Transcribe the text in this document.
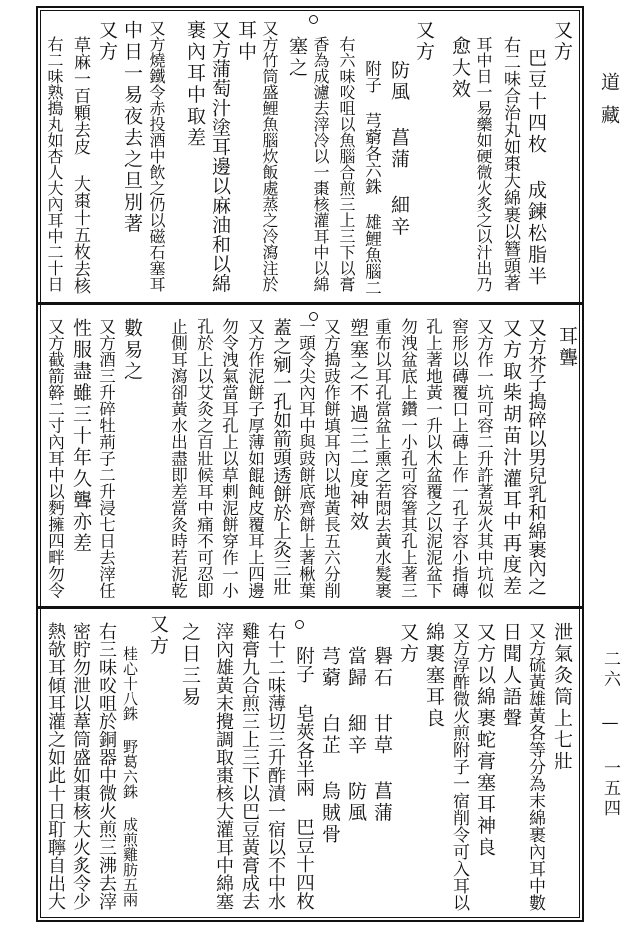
道藏
二六 — 一五四
又方
巴豆十四枚 成鍊松脂半
右二味合治丸如棗大綿裹以簪頭著
耳中日一易藥如硬微火炙之以汁出乃
愈大效
又方
防風 菖蒲 細辛
附子 芎藭各六銖 雄鯉魚腦二
右六味㕮咀以魚腦合煎三上三下以膏
香為成濾去滓冷以一棗核灌耳中以綿
塞之
又方竹筒盛鯉魚腦炊飯處蒸之冷瀉注於
耳中
又方蒲萄汁塗耳邊以麻油和以綿
裹內耳中取差
又方燒鐵令赤投酒中飲之仍以磁石塞耳
中日一易夜去之旦別著
又方
草麻一百顆去皮 大棗十五枚去核
右二味熟搗丸如杏人大內耳中二十日
耳聾
又方芥子搗碎以男兒乳和綿裹內之
又方取柴胡苗汁灌耳中再度差
又方作一坑可容二升許著炭火其中坑似
窖形以磚覆口上磚上作一孔子容小指磚
孔上著地黃一升以木盆覆之以泥泥盆下
勿洩盆底上鑽一小孔可容箸其孔上著三
重布以耳孔當盆上熏之若悶去黃水髮裹
塑塞之不過三二度神效
又方搗豉作餅填耳內以地黃長五六分削
一頭令尖內耳中與豉餅底齊餅上著楸葉
蓋之剜一孔如箭頭透餅於上灸三壯
又方作泥餅子厚薄如餛飩皮覆耳上四邊
勿令洩氣當耳孔上以草剌泥餅穿作一小
孔於上以艾灸之百壯候耳中痛不可忍即
止側耳瀉卻黃水出盡即差當灸時若泥乾
數易之
又方酒三升碎牡荊子二升浸七日去滓任
性服盡雖三十年久聾亦差
又方截箭簳二寸內耳中以麪擁四畔勿令
泄氣灸筒上七壯
又方硫黃雄黃各等分為末綿裹內耳中數
日聞人語聲
又方以綿裹蛇膏塞耳神良
又方淳酢微火煎附子一宿削令可入耳以
綿裹塞耳良
又方
礜石 甘草 菖蒲
當歸 細辛 防風
芎藭 白芷 烏賊骨
附子 皂莢各半兩 巴豆十四枚
右十二味薄切三升酢漬一宿以不中水
雞膏九合煎三上三下以巴豆黃膏成去
滓內雄黃末攪調取棗核大灌耳中綿塞
之日三易
又方
桂心十八銖 野葛六銖 成煎雞肪五兩
右三味㕮咀於銅器中微火煎三沸去滓
密貯勿泄以葦筒盛如棗核大火炙令少
熱欹耳傾耳灌之如此十日耵聹自出大
